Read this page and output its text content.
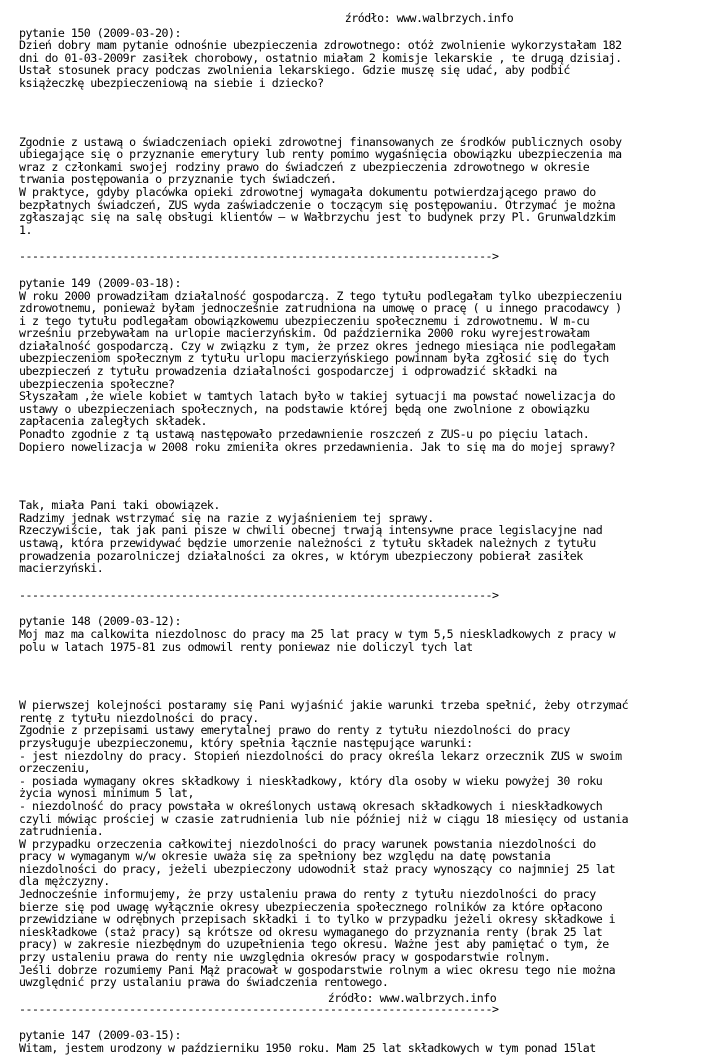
źródło: www.walbrzych.info
pytanie 150 (2009-03-20):
Dzień dobry mam pytanie odnośnie ubezpieczenia zdrowotnego: otóż zwolnienie wykorzystałam 182
dni do 01-03-2009r zasiłek chorobowy, ostatnio miałam 2 komisje lekarskie , te drugą dzisiaj.
Ustał stosunek pracy podczas zwolnienia lekarskiego. Gdzie muszę się udać, aby podbić
książeczkę ubezpieczeniową na siebie i dziecko?
Zgodnie z ustawą o świadczeniach opieki zdrowotnej finansowanych ze środków publicznych osoby
ubiegające się o przyznanie emerytury lub renty pomimo wygaśnięcia obowiązku ubezpieczenia ma
wraz z członkami swojej rodziny prawo do świadczeń z ubezpieczenia zdrowotnego w okresie
trwania postępowania o przyznanie tych świadczeń.
W praktyce, gdyby placówka opieki zdrowotnej wymagała dokumentu potwierdzającego prawo do
bezpłatnych świadczeń, ZUS wyda zaświadczenie o toczącym się postępowaniu. Otrzymać je można
zgłaszając się na salę obsługi klientów – w Wałbrzychu jest to budynek przy Pl. Grunwaldzkim
1.
------------------------------------------------------------------------->
pytanie 149 (2009-03-18):
W roku 2000 prowadziłam działalność gospodarczą. Z tego tytułu podlegałam tylko ubezpieczeniu
zdrowotnemu, ponieważ byłam jednocześnie zatrudniona na umowę o pracę ( u innego pracodawcy )
i z tego tytułu podlegałam obowiązkowemu ubezpieczeniu społecznemu i zdrowotnemu. W m-cu
wrześniu przebywałam na urlopie macierzyńskim. Od października 2000 roku wyrejestrowałam
działalność gospodarczą. Czy w związku z tym, że przez okres jednego miesiąca nie podlegałam
ubezpieczeniom społecznym z tytułu urlopu macierzyńskiego powinnam była zgłosić się do tych
ubezpieczeń z tytułu prowadzenia działalności gospodarczej i odprowadzić składki na
ubezpieczenia społeczne?
Słyszałam ,że wiele kobiet w tamtych latach było w takiej sytuacji ma powstać nowelizacja do
ustawy o ubezpieczeniach społecznych, na podstawie której będą one zwolnione z obowiązku
zapłacenia zaległych składek.
Ponadto zgodnie z tą ustawą następowało przedawnienie roszczeń z ZUS-u po pięciu latach.
Dopiero nowelizacja w 2008 roku zmieniła okres przedawnienia. Jak to się ma do mojej sprawy?
Tak, miała Pani taki obowiązek.
Radzimy jednak wstrzymać się na razie z wyjaśnieniem tej sprawy.
Rzeczywiście, tak jak pani pisze w chwili obecnej trwają intensywne prace legislacyjne nad
ustawą, która przewidywać będzie umorzenie należności z tytułu składek należnych z tytułu
prowadzenia pozarolniczej działalności za okres, w którym ubezpieczony pobierał zasiłek
macierzyński.
------------------------------------------------------------------------->
pytanie 148 (2009-03-12):
Moj maz ma calkowita niezdolnosc do pracy ma 25 lat pracy w tym 5,5 nieskladkowych z pracy w
polu w latach 1975-81 zus odmowil renty poniewaz nie doliczyl tych lat
W pierwszej kolejności postaramy się Pani wyjaśnić jakie warunki trzeba spełnić, żeby otrzymać
rentę z tytułu niezdolności do pracy.
Zgodnie z przepisami ustawy emerytalnej prawo do renty z tytułu niezdolności do pracy
przysługuje ubezpieczonemu, który spełnia łącznie następujące warunki:
- jest niezdolny do pracy. Stopień niezdolności do pracy określa lekarz orzecznik ZUS w swoim
orzeczeniu,
- posiada wymagany okres składkowy i nieskładkowy, który dla osoby w wieku powyżej 30 roku
życia wynosi minimum 5 lat,
- niezdolność do pracy powstała w określonych ustawą okresach składkowych i nieskładkowych
czyli mówiąc prościej w czasie zatrudnienia lub nie później niż w ciągu 18 miesięcy od ustania
zatrudnienia.
W przypadku orzeczenia całkowitej niezdolności do pracy warunek powstania niezdolności do
pracy w wymaganym w/w okresie uważa się za spełniony bez względu na datę powstania
niezdolności do pracy, jeżeli ubezpieczony udowodnił staż pracy wynoszący co najmniej 25 lat
dla mężczyzny.
Jednocześnie informujemy, że przy ustaleniu prawa do renty z tytułu niezdolności do pracy
bierze się pod uwagę wyłącznie okresy ubezpieczenia społecznego rolników za które opłacono
przewidziane w odrębnych przepisach składki i to tylko w przypadku jeżeli okresy składkowe i
nieskładkowe (staż pracy) są krótsze od okresu wymaganego do przyznania renty (brak 25 lat
pracy) w zakresie niezbędnym do uzupełnienia tego okresu. Ważne jest aby pamiętać o tym, że
przy ustaleniu prawa do renty nie uwzględnia okresów pracy w gospodarstwie rolnym.
Jeśli dobrze rozumiemy Pani Mąż pracował w gospodarstwie rolnym a wiec okresu tego nie można
uwzględnić przy ustalaniu prawa do świadczenia rentowego.
------------------------------------------------------------------------->
pytanie 147 (2009-03-15):
Witam, jestem urodzony w październiku 1950 roku. Mam 25 lat składkowych w tym ponad 15lat
źródło: www.walbrzych.info
